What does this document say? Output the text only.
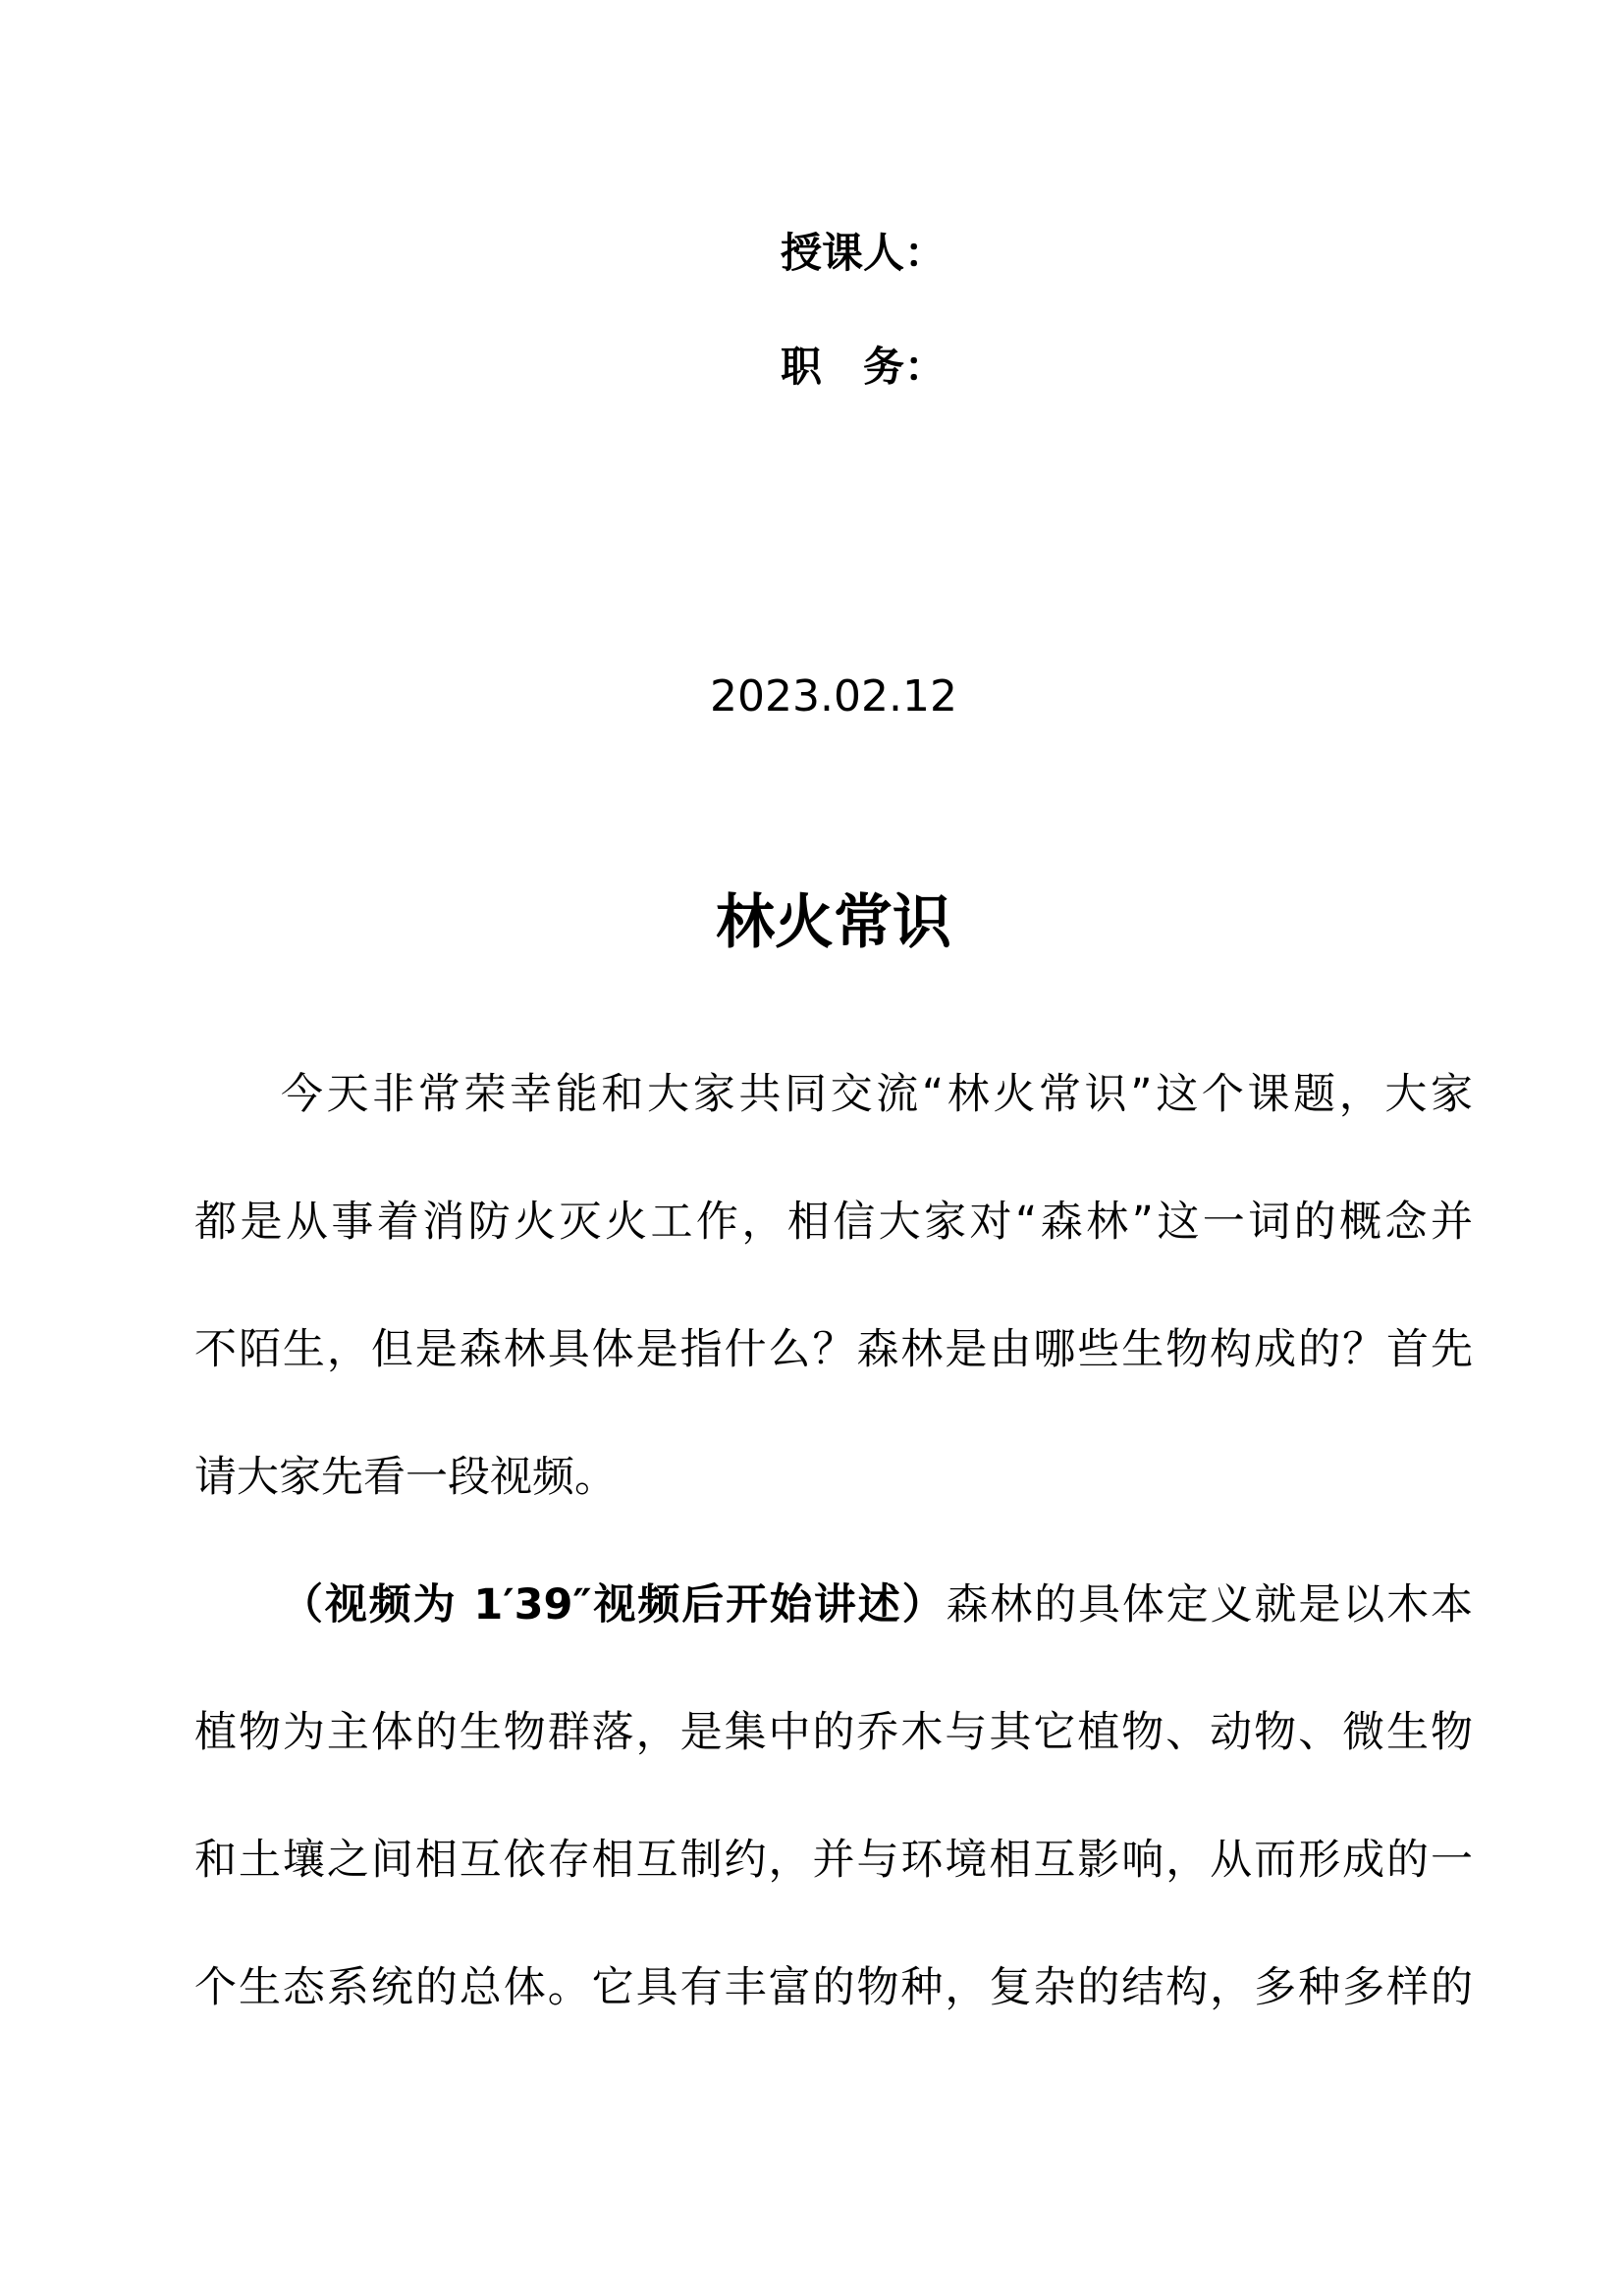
授课人：
职　务：
2023.02.12
林火常识
今天非常荣幸能和大家共同交流“林火常识”这个课题，大家
都是从事着消防火灭火工作，相信大家对“森林”这一词的概念并
不陌生，但是森林具体是指什么？森林是由哪些生物构成的？首先
请大家先看一段视频。
（视频为 1′39″视频后开始讲述）森林的具体定义就是以木本
植物为主体的生物群落，是集中的乔木与其它植物、动物、微生物
和土壤之间相互依存相互制约，并与环境相互影响，从而形成的一
个生态系统的总体。它具有丰富的物种，复杂的结构，多种多样的
